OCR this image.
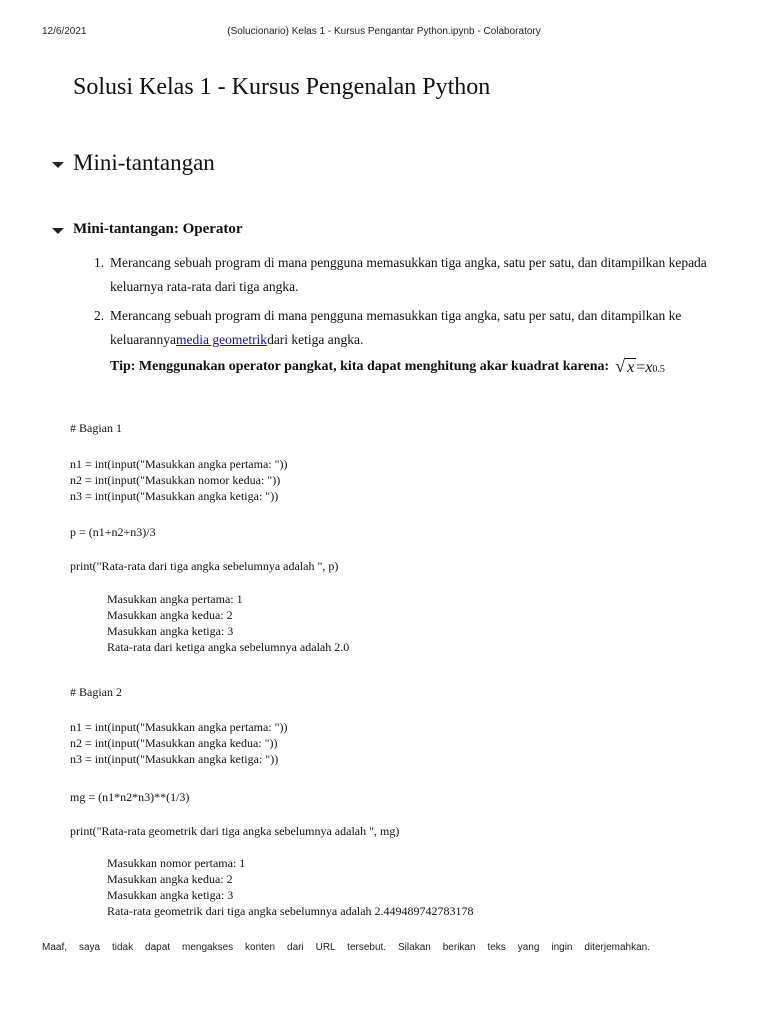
12/6/2021	(Solucionario) Kelas 1 - Kursus Pengantar Python.ipynb - Colaboratory
Solusi Kelas 1 - Kursus Pengenalan Python
Mini-tantangan
Mini-tantangan: Operator
1. Merancang sebuah program di mana pengguna memasukkan tiga angka, satu per satu, dan ditampilkan kepada
keluarnya rata-rata dari tiga angka.
2. Merancang sebuah program di mana pengguna memasukkan tiga angka, satu per satu, dan ditampilkan ke
keluarannyamedia geometrikdari ketiga angka.
Tip: Menggunakan operator pangkat, kita dapat menghitung akar kuadrat karena: √ x = x 0.5
# Bagian 1
n1 = int(input("Masukkan angka pertama: "))
n2 = int(input("Masukkan nomor kedua: "))
n3 = int(input("Masukkan angka ketiga: "))
p = (n1+n2+n3)/3
print("Rata-rata dari tiga angka sebelumnya adalah ", p)
Masukkan angka pertama: 1
Masukkan angka kedua: 2
Masukkan angka ketiga: 3
Rata-rata dari ketiga angka sebelumnya adalah 2.0
# Bagian 2
n1 = int(input("Masukkan angka pertama: "))
n2 = int(input("Masukkan angka kedua: "))
n3 = int(input("Masukkan angka ketiga: "))
mg = (n1*n2*n3)**(1/3)
print("Rata-rata geometrik dari tiga angka sebelumnya adalah ", mg)
Masukkan nomor pertama: 1
Masukkan angka kedua: 2
Masukkan angka ketiga: 3
Rata-rata geometrik dari tiga angka sebelumnya adalah 2.449489742783178
Maaf, saya tidak dapat mengakses konten dari URL tersebut. Silakan berikan teks yang ingin diterjemahkan.
